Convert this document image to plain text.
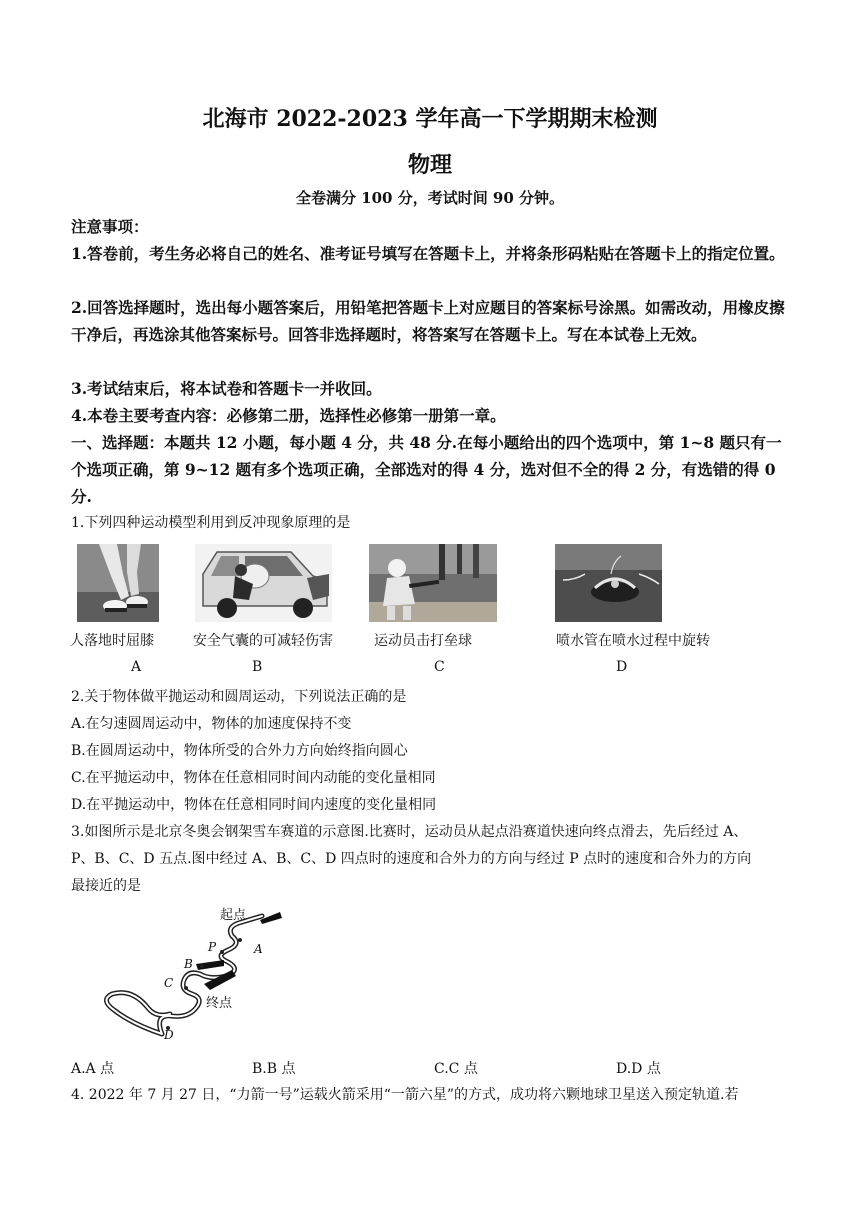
北海市 2022-2023 学年高一下学期期末检测
物理
全卷满分 100 分，考试时间 90 分钟。
注意事项：
1.答卷前，考生务必将自己的姓名、准考证号填写在答题卡上，并将条形码粘贴在答题卡上的指定位置。
2.回答选择题时，选出每小题答案后，用铅笔把答题卡上对应题目的答案标号涂黑。如需改动，用橡皮擦干净后，再选涂其他答案标号。回答非选择题时，将答案写在答题卡上。写在本试卷上无效。
3.考试结束后，将本试卷和答题卡一并收回。
4.本卷主要考查内容：必修第二册，选择性必修第一册第一章。
一、选择题：本题共 12 小题，每小题 4 分，共 48 分.在每小题给出的四个选项中，第 1~8 题只有一个选项正确，第 9~12 题有多个选项正确，全部选对的得 4 分，选对但不全的得 2 分，有选错的得 0 分.
1.下列四种运动模型利用到反冲现象原理的是
人落地时屈膝	安全气囊的可减轻伤害	运动员击打垒球	喷水管在喷水过程中旋转
A	B	C	D
2.关于物体做平抛运动和圆周运动，下列说法正确的是
A.在匀速圆周运动中，物体的加速度保持不变
B.在圆周运动中，物体所受的合外力方向始终指向圆心
C.在平抛运动中，物体在任意相同时间内动能的变化量相同
D.在平抛运动中，物体在任意相同时间内速度的变化量相同
3.如图所示是北京冬奥会钢架雪车赛道的示意图.比赛时，运动员从起点沿赛道快速向终点滑去，先后经过 A、
P、B、C、D 五点.图中经过 A、B、C、D 四点时的速度和合外力的方向与经过 P 点时的速度和合外力的方向
最接近的是
起点
P	A
B
C
终点
D
A.A 点	B.B 点	C.C 点	D.D 点
4. 2022 年 7 月 27 日，“力箭一号”运载火箭采用“一箭六星”的方式，成功将六颗地球卫星送入预定轨道.若
